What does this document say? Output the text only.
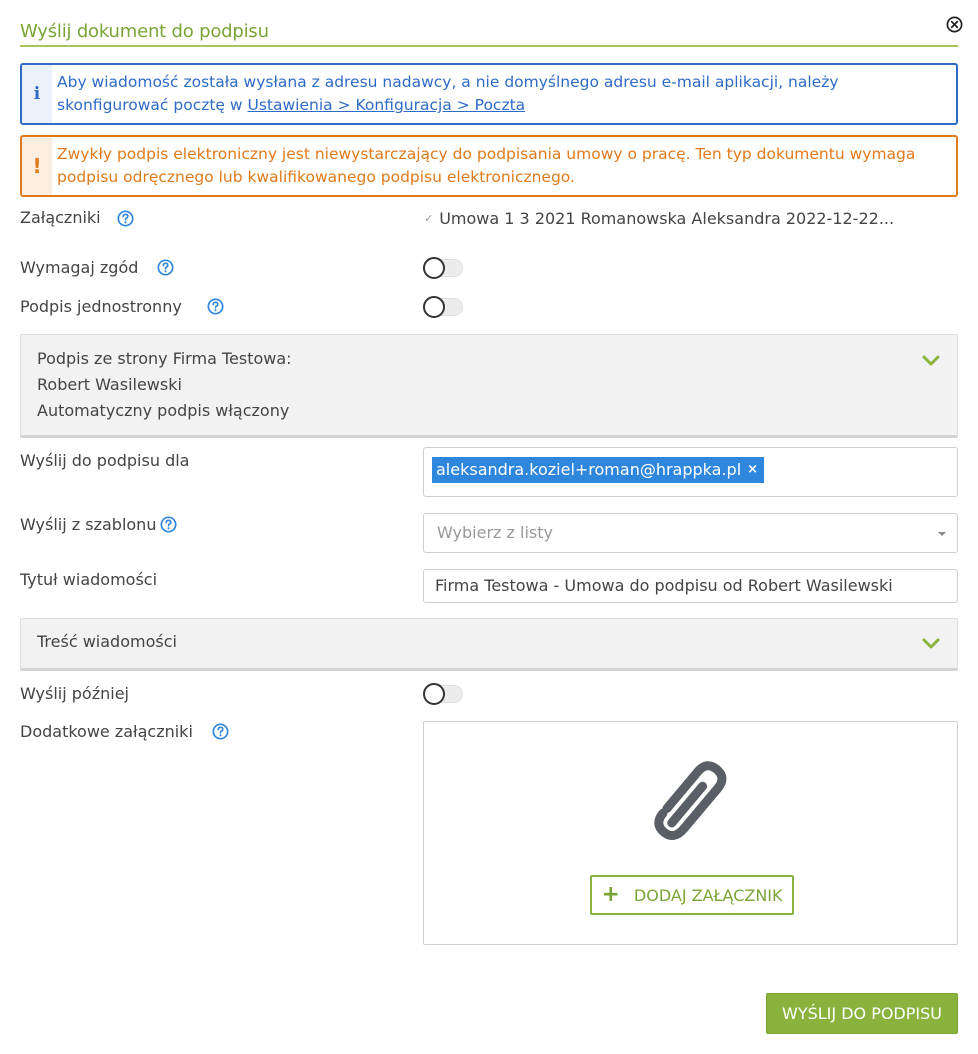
Wyślij dokument do podpisu
i
Aby wiadomość została wysłana z adresu nadawcy, a nie domyślnego adresu e-mail aplikacji, należy skonfigurować pocztę w Ustawienia > Konfiguracja > Poczta
! Zwykły podpis elektroniczny jest niewystarczający do podpisania umowy o pracę. Ten typ dokumentu wymaga podpisu odręcznego lub kwalifikowanego podpisu elektronicznego.
Załączniki	✓ Umowa 1 3 2021 Romanowska Aleksandra 2022-12-22...
Wymagaj zgód
Podpis jednostronny
Podpis ze strony Firma Testowa:
Robert Wasilewski
Automatyczny podpis włączony
Wyślij do podpisu dla	aleksandra.koziel+roman@hrappka.pl ×
Wyślij z szablonu	Wybierz z listy
Tytuł wiadomości	Firma Testowa - Umowa do podpisu od Robert Wasilewski
Treść wiadomości
Wyślij później
Dodatkowe załączniki
+ DODAJ ZAŁĄCZNIK
WYŚLIJ DO PODPISU
